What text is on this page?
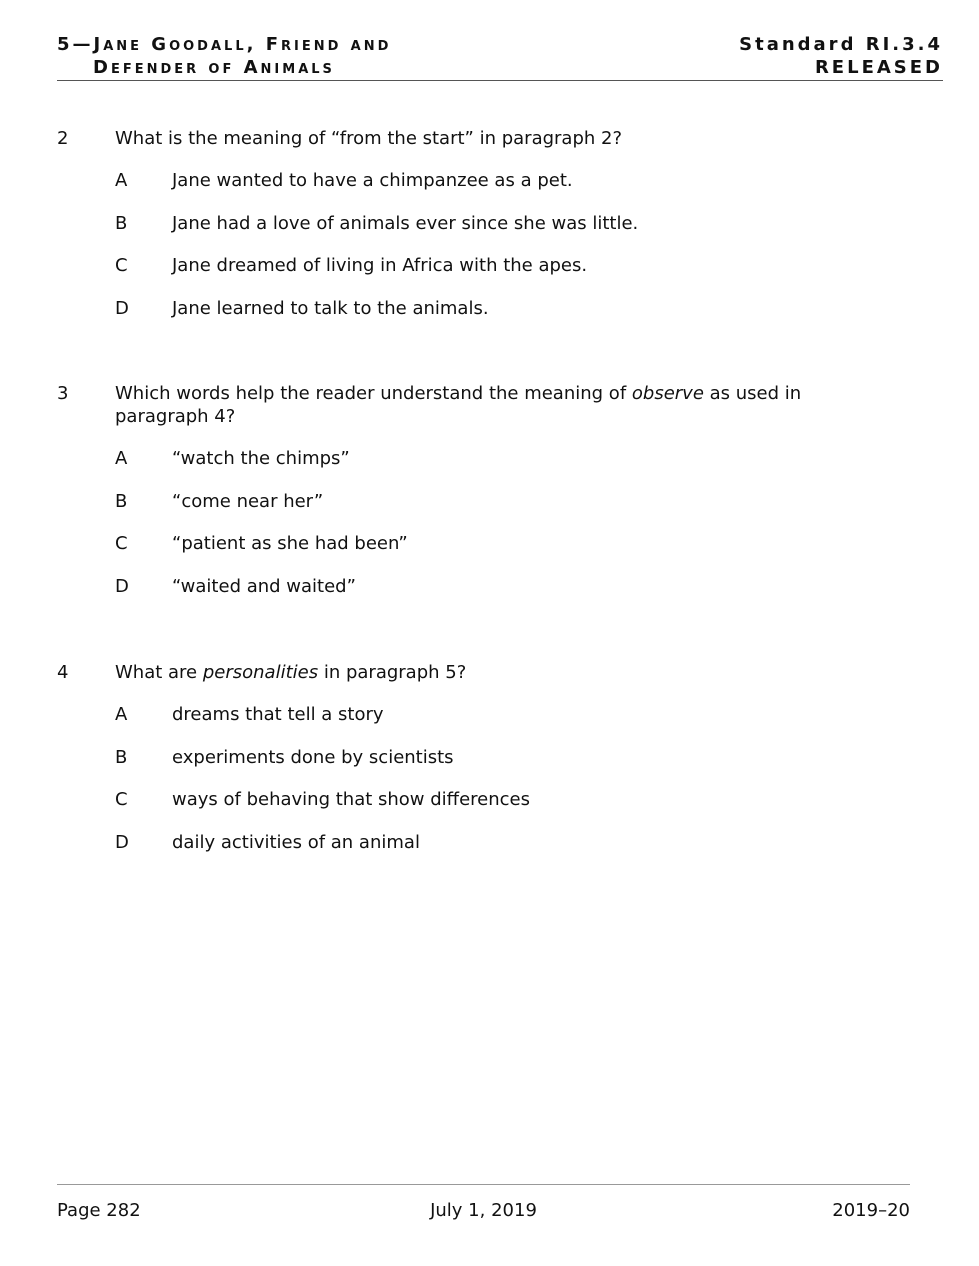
5—Jane Goodall, Friend and
Defender of Animals
Standard RI.3.4
RELEASED
2	What is the meaning of “from the start” in paragraph 2?
A Jane wanted to have a chimpanzee as a pet.
B Jane had a love of animals ever since she was little.
C Jane dreamed of living in Africa with the apes.
D Jane learned to talk to the animals.
3	Which words help the reader understand the meaning of observe as used in paragraph 4?
A “watch the chimps”
B “come near her”
C “patient as she had been”
D “waited and waited”
4	What are personalities in paragraph 5?
A dreams that tell a story
B experiments done by scientists
C ways of behaving that show differences
D daily activities of an animal
Page 282	July 1, 2019	2019–20
